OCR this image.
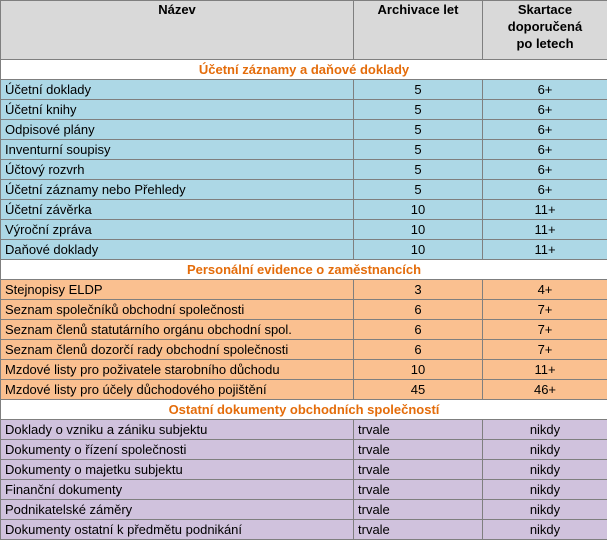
Název	Archivace let	Skartace
doporučená
po letech

Účetní záznamy a daňové doklady		
Účetní doklady	5	6+
Účetní knihy	5	6+
Odpisové plány	5	6+
Inventurní soupisy	5	6+
Účtový rozvrh	5	6+
Účetní záznamy nebo Přehledy	5	6+
Účetní závěrka	10	11+
Výroční zpráva	10	11+
Daňové doklady	10	11+
Personální evidence o zaměstnancích		
Stejnopisy ELDP	3	4+
Seznam společníků obchodní společnosti	6	7+
Seznam členů statutárního orgánu obchodní spol.	6	7+
Seznam členů dozorčí rady obchodní společnosti	6	7+
Mzdové listy pro poživatele starobního důchodu	10	11+
Mzdové listy pro účely důchodového pojištění	45	46+
Ostatní dokumenty obchodních společností		
Doklady o vzniku a zániku subjektu	trvale	nikdy
Dokumenty o řízení společnosti	trvale	nikdy
Dokumenty o majetku subjektu	trvale	nikdy
Finanční dokumenty	trvale	nikdy
Podnikatelské záměry	trvale	nikdy
Dokumenty ostatní k předmětu podnikání	trvale	nikdy
